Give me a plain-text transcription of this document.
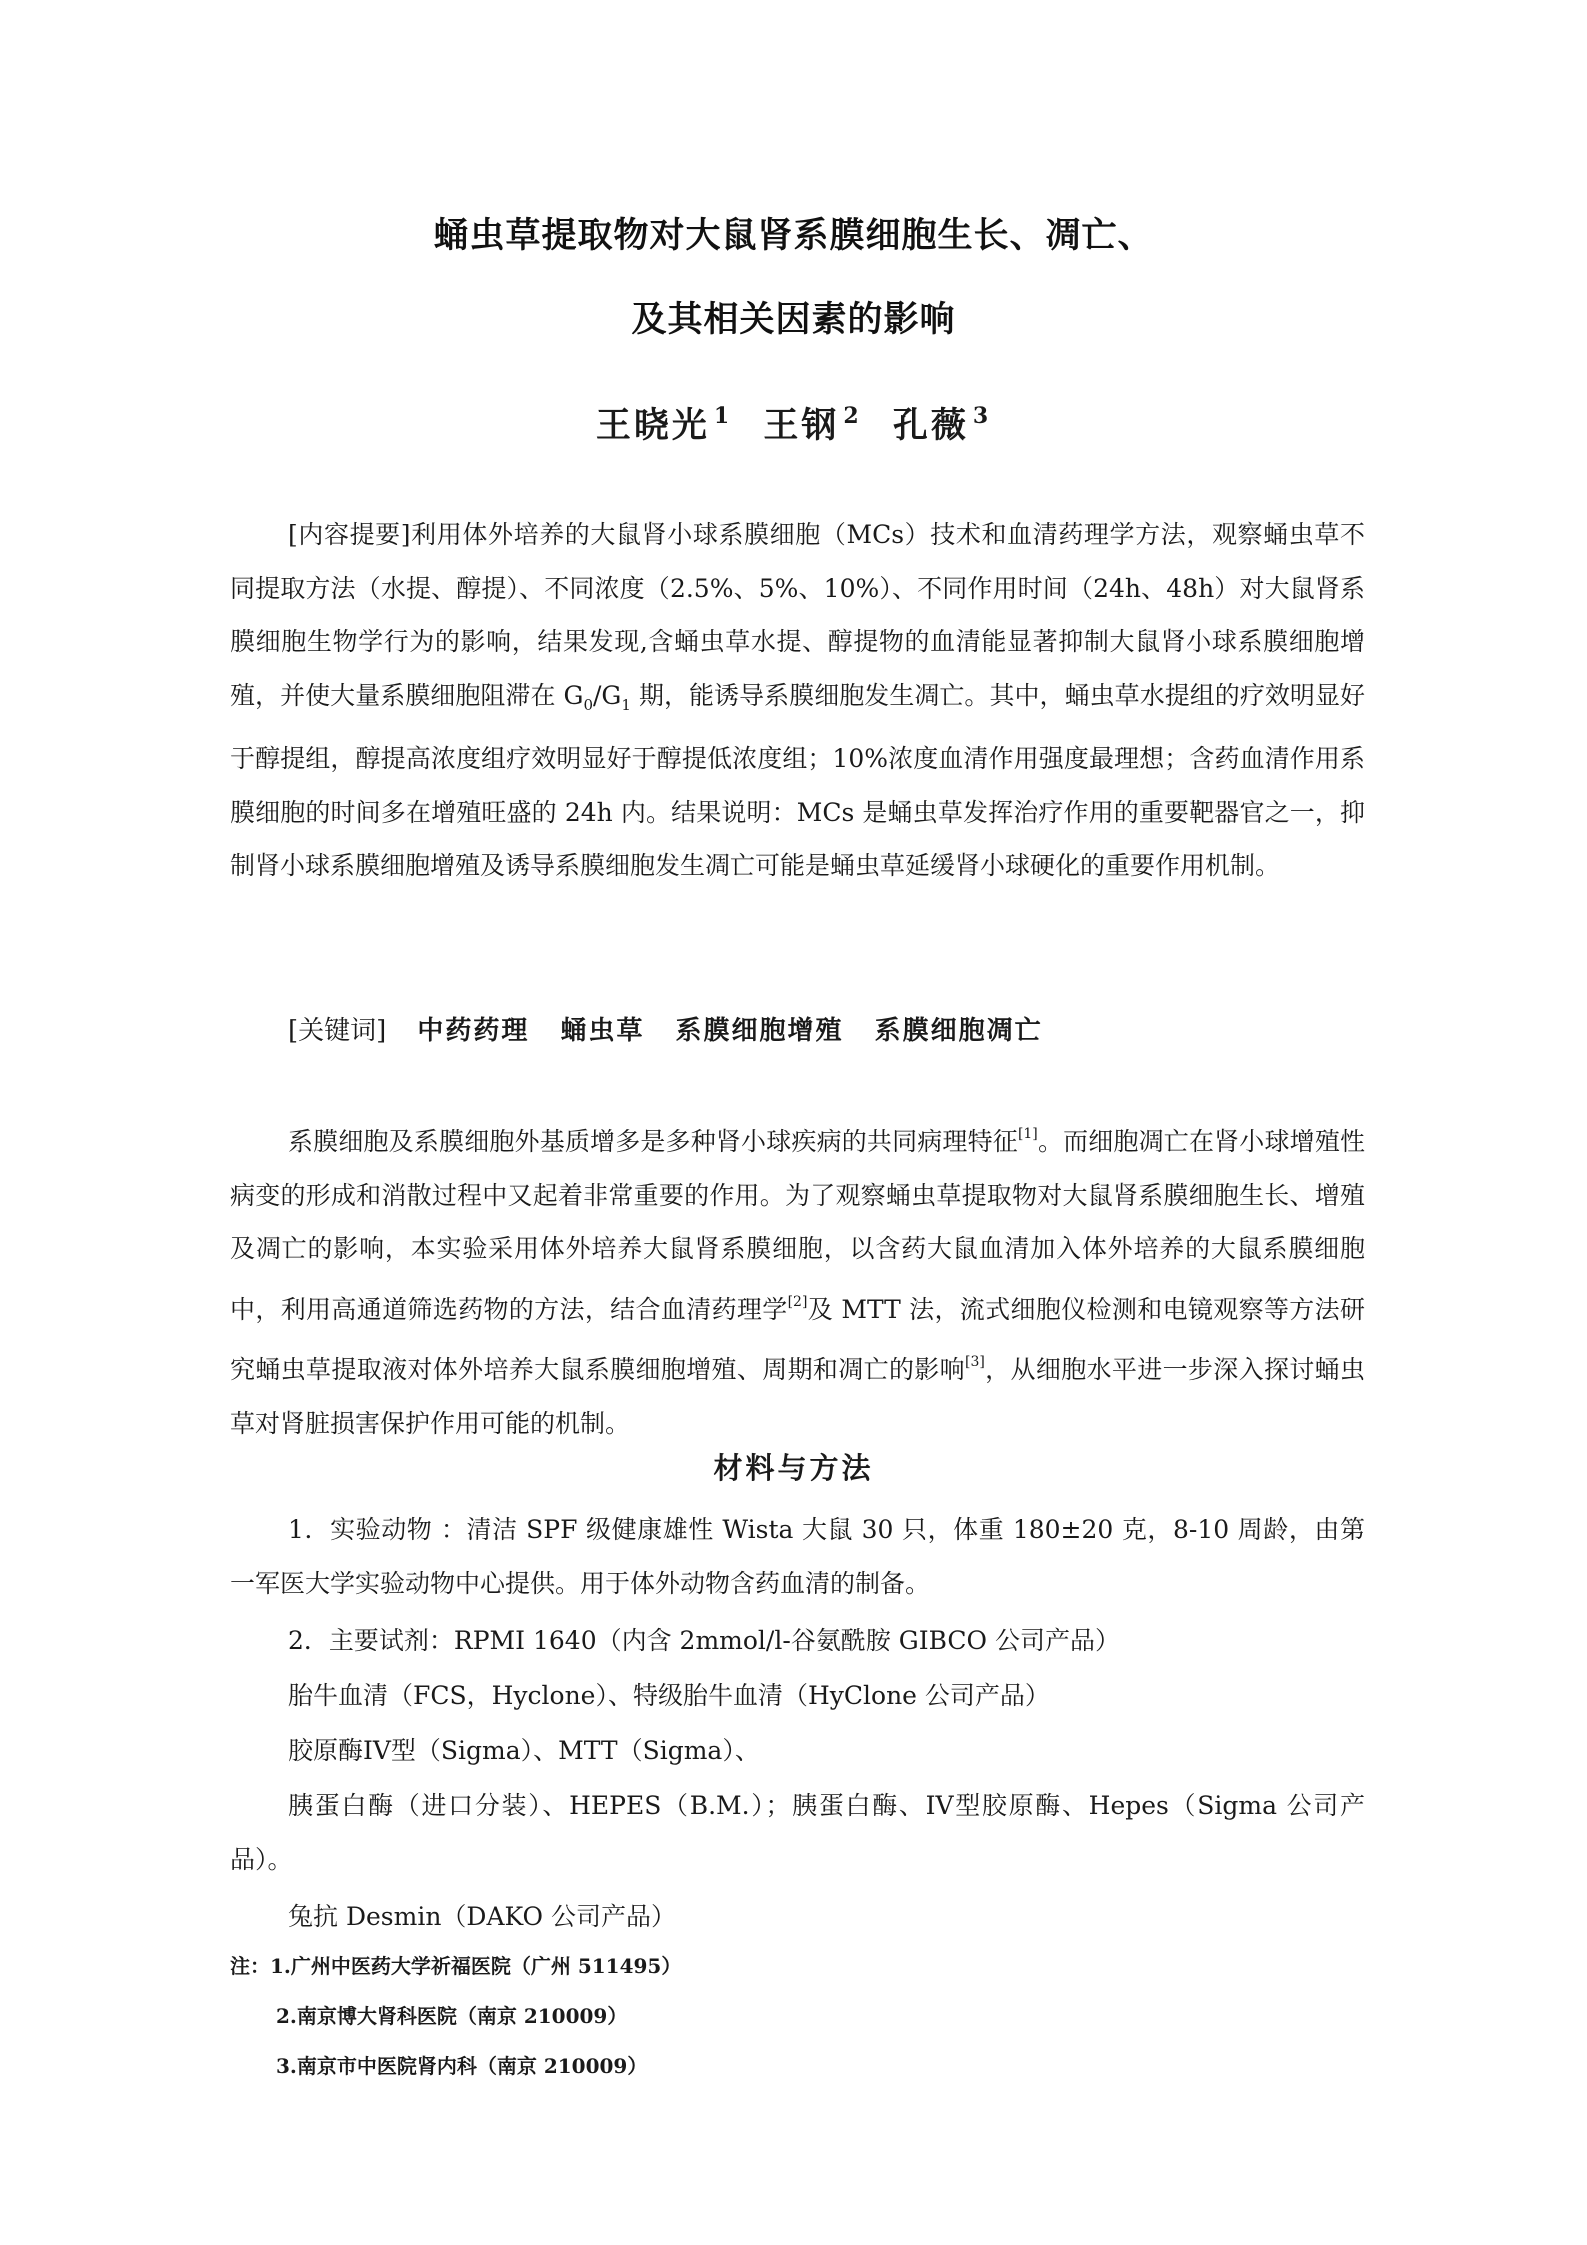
蛹虫草提取物对大鼠肾系膜细胞生长、凋亡、
及其相关因素的影响
王晓光 $^1$ 王钢 $^2$ 孔薇 $^3$

[内容提要]利用体外培养的大鼠肾小球系膜细胞（MCs）技术和血清药理学方法，观察蛹虫草不同提取方法（水提、醇提）、不同浓度（2.5%、5%、10%）、不同作用时间（24h、48h）对大鼠肾系膜细胞生物学行为的影响，结果发现,含蛹虫草水提、醇提物的血清能显著抑制大鼠肾小球系膜细胞增殖，并使大量系膜细胞阻滞在 $G_0/G_1$ 期，能诱导系膜细胞发生凋亡。其中，蛹虫草水提组的疗效明显好于醇提组，醇提高浓度组疗效明显好于醇提低浓度组；10%浓度血清作用强度最理想；含药血清作用系膜细胞的时间多在增殖旺盛的 24h 内。结果说明：MCs 是蛹虫草发挥治疗作用的重要靶器官之一，抑制肾小球系膜细胞增殖及诱导系膜细胞发生凋亡可能是蛹虫草延缓肾小球硬化的重要作用机制。

[关键词] 中药药理 蛹虫草 系膜细胞增殖 系膜细胞凋亡

系膜细胞及系膜细胞外基质增多是多种肾小球疾病的共同病理特征[1]。而细胞凋亡在肾小球增殖性病变的形成和消散过程中又起着非常重要的作用。为了观察蛹虫草提取物对大鼠肾系膜细胞生长、增殖及凋亡的影响，本实验采用体外培养大鼠肾系膜细胞，以含药大鼠血清加入体外培养的大鼠系膜细胞中，利用高通道筛选药物的方法，结合血清药理学[2]及 MTT 法，流式细胞仪检测和电镜观察等方法研究蛹虫草提取液对体外培养大鼠系膜细胞增殖、周期和凋亡的影响[3]，从细胞水平进一步深入探讨蛹虫草对肾脏损害保护作用可能的机制。

材料与方法

1．实验动物 ：清洁 SPF 级健康雄性 Wista 大鼠 30 只，体重 180±20 克，8-10 周龄，由第一军医大学实验动物中心提供。用于体外动物含药血清的制备。

2．主要试剂：RPMI 1640（内含 2mmol/l-谷氨酰胺 GIBCO 公司产品）

胎牛血清（FCS，Hyclone）、特级胎牛血清（HyClone 公司产品）

胶原酶IV型（Sigma）、MTT（Sigma）、

胰蛋白酶（进口分装）、HEPES（B.M.）；胰蛋白酶、IV型胶原酶、Hepes（Sigma 公司产品）。

兔抗 Desmin（DAKO 公司产品）

注：1.广州中医药大学祈福医院（广州 511495）
2.南京博大肾科医院（南京 210009）
3.南京市中医院肾内科（南京 210009）
